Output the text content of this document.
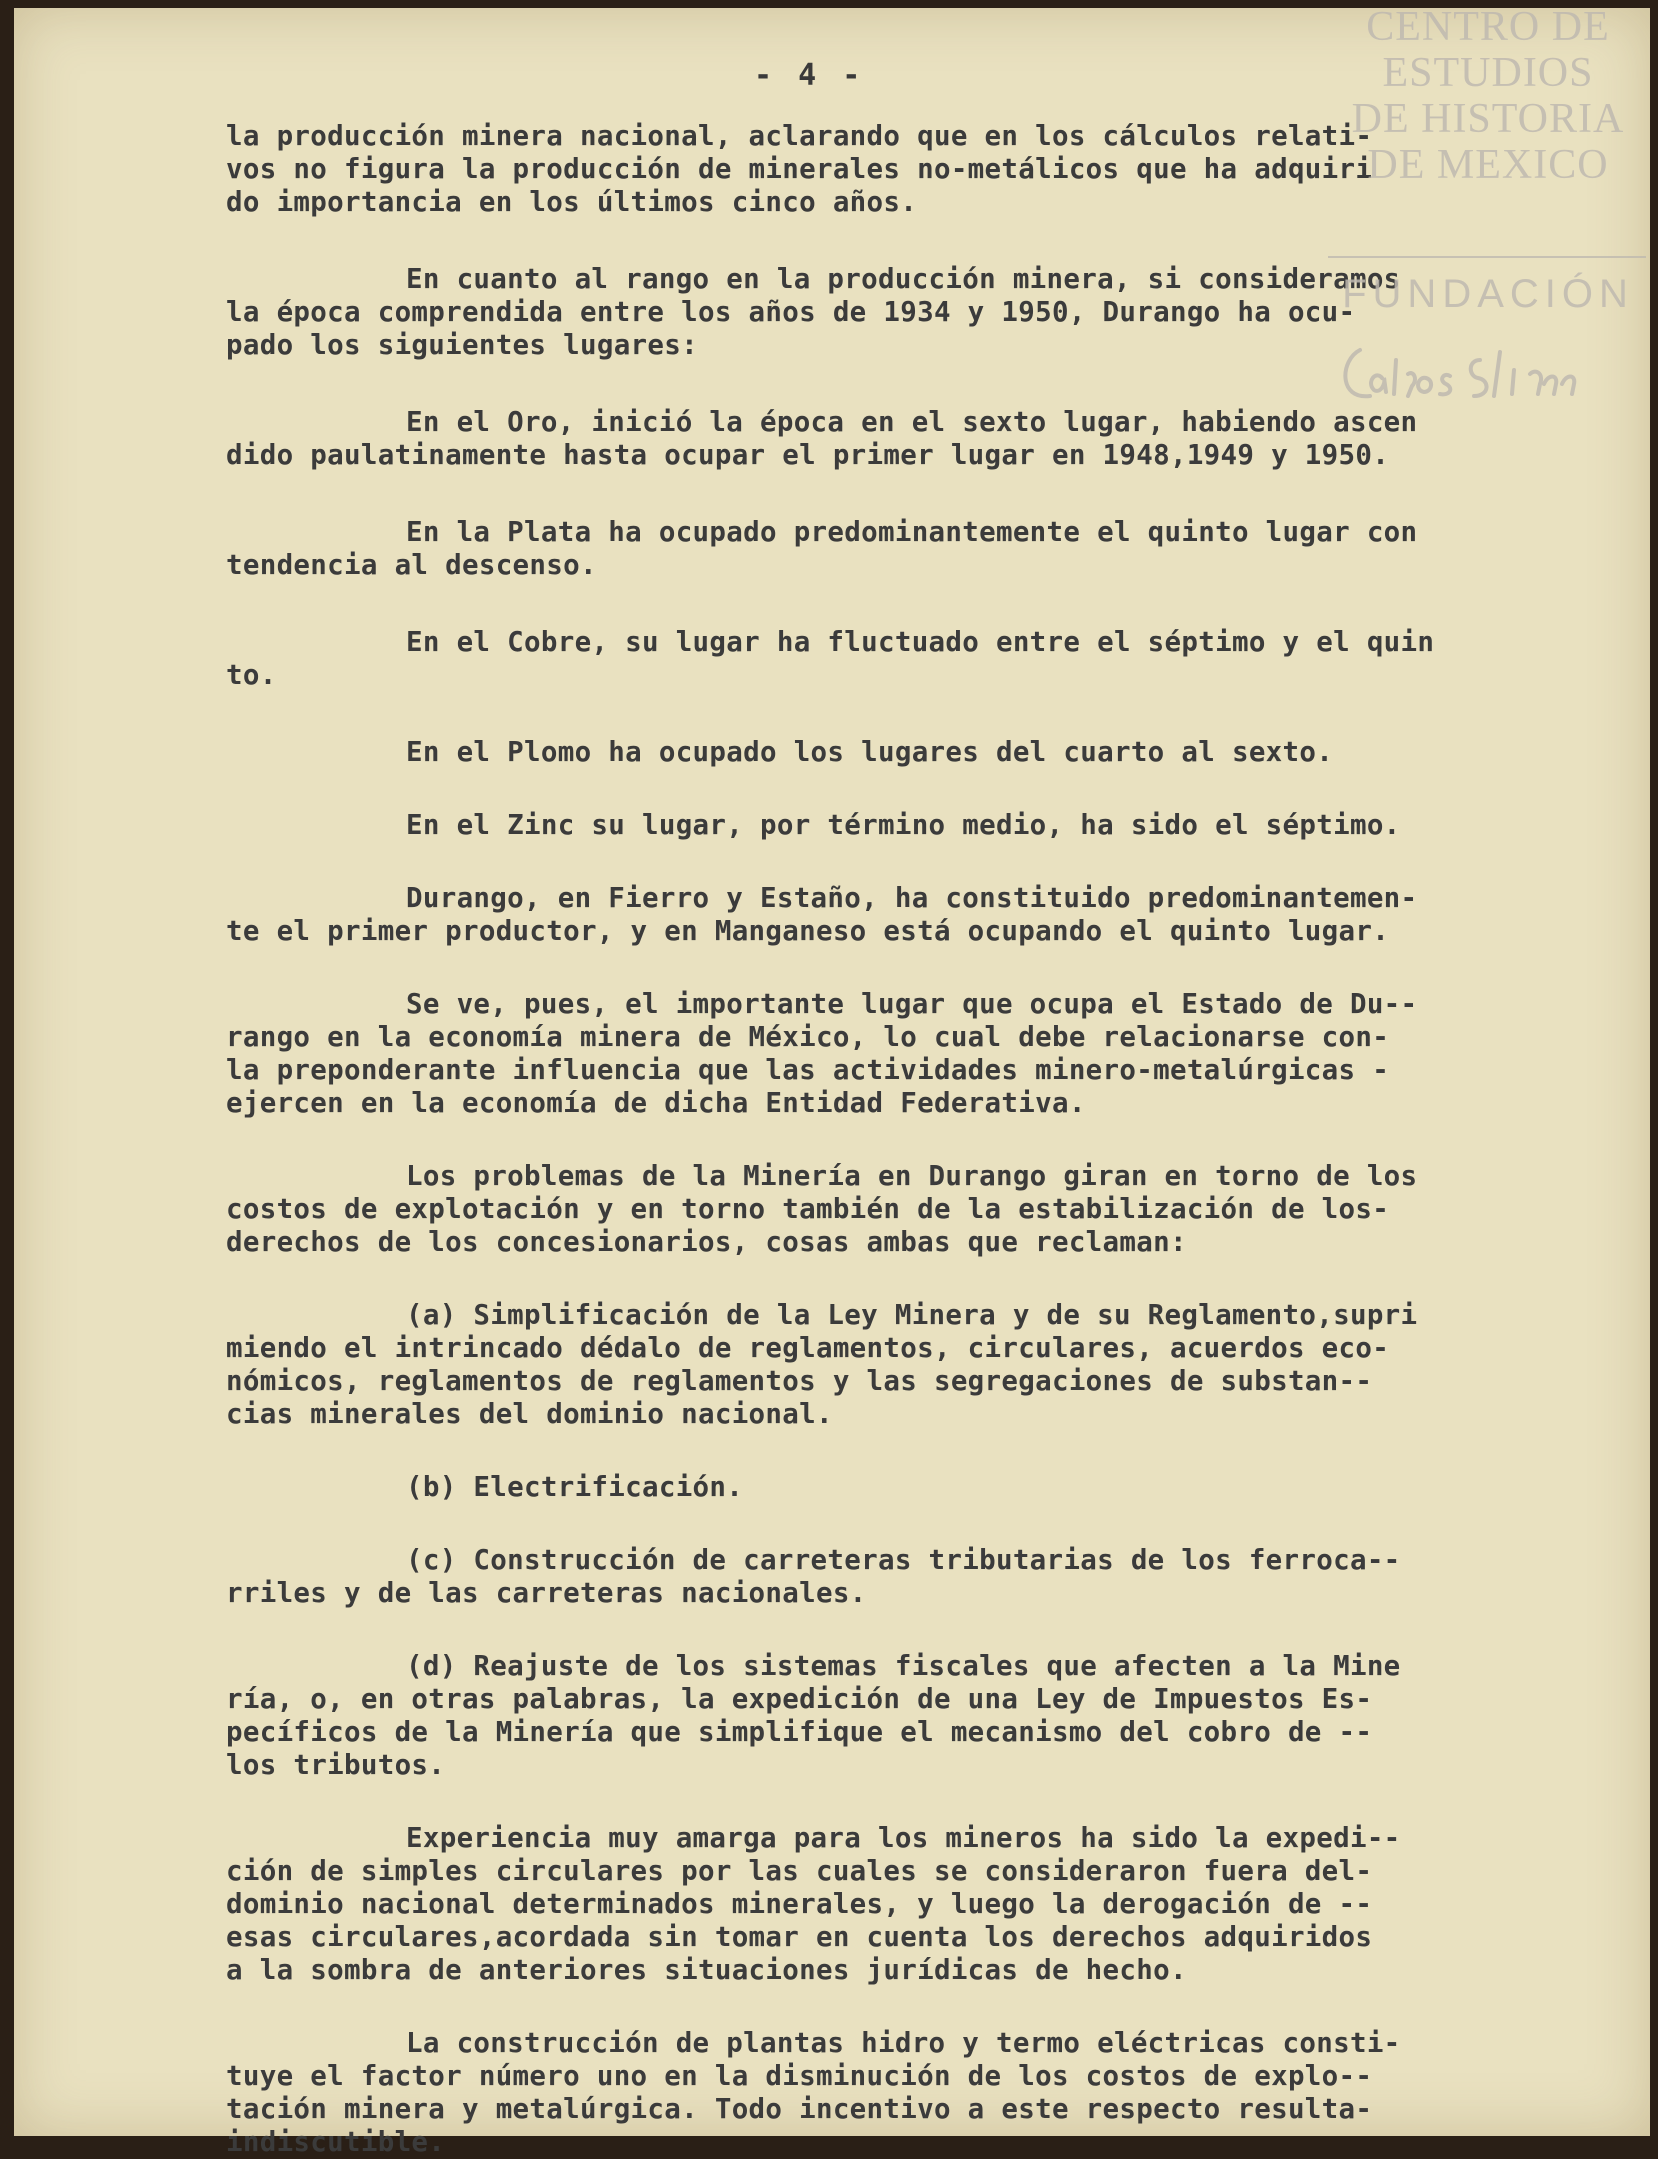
- 4 -

la producción minera nacional, aclarando que en los cálculos relati-
vos no figura la producción de minerales no-metálicos que ha adquiri
do importancia en los últimos cinco años.

En cuanto al rango en la producción minera, si consideramos
la época comprendida entre los años de 1934 y 1950, Durango ha ocu-
pado los siguientes lugares:

En el Oro, inició la época en el sexto lugar, habiendo ascen
dido paulatinamente hasta ocupar el primer lugar en 1948,1949 y 1950.

En la Plata ha ocupado predominantemente el quinto lugar con
tendencia al descenso.

En el Cobre, su lugar ha fluctuado entre el séptimo y el quin
to.

En el Plomo ha ocupado los lugares del cuarto al sexto.

En el Zinc su lugar, por término medio, ha sido el séptimo.

Durango, en Fierro y Estaño, ha constituido predominantemen-
te el primer productor, y en Manganeso está ocupando el quinto lugar.

Se ve, pues, el importante lugar que ocupa el Estado de Du--
rango en la economía minera de México, lo cual debe relacionarse con-
la preponderante influencia que las actividades minero-metalúrgicas -
ejercen en la economía de dicha Entidad Federativa.

Los problemas de la Minería en Durango giran en torno de los
costos de explotación y en torno también de la estabilización de los-
derechos de los concesionarios, cosas ambas que reclaman:

(a) Simplificación de la Ley Minera y de su Reglamento,supri
miendo el intrincado dédalo de reglamentos, circulares, acuerdos eco-
nómicos, reglamentos de reglamentos y las segregaciones de substan--
cias minerales del dominio nacional.

(b) Electrificación.

(c) Construcción de carreteras tributarias de los ferroca--
rriles y de las carreteras nacionales.

(d) Reajuste de los sistemas fiscales que afecten a la Mine
ría, o, en otras palabras, la expedición de una Ley de Impuestos Es-
pecíficos de la Minería que simplifique el mecanismo del cobro de --
los tributos.

Experiencia muy amarga para los mineros ha sido la expedi--
ción de simples circulares por las cuales se consideraron fuera del-
dominio nacional determinados minerales, y luego la derogación de --
esas circulares,acordada sin tomar en cuenta los derechos adquiridos
a la sombra de anteriores situaciones jurídicas de hecho.

La construcción de plantas hidro y termo eléctricas consti-
tuye el factor número uno en la disminución de los costos de explo--
tación minera y metalúrgica. Todo incentivo a este respecto resulta-
indiscutible.

CENTRO DE
ESTUDIOS
DE HISTORIA
DE MEXICO
FUNDACIÓN
